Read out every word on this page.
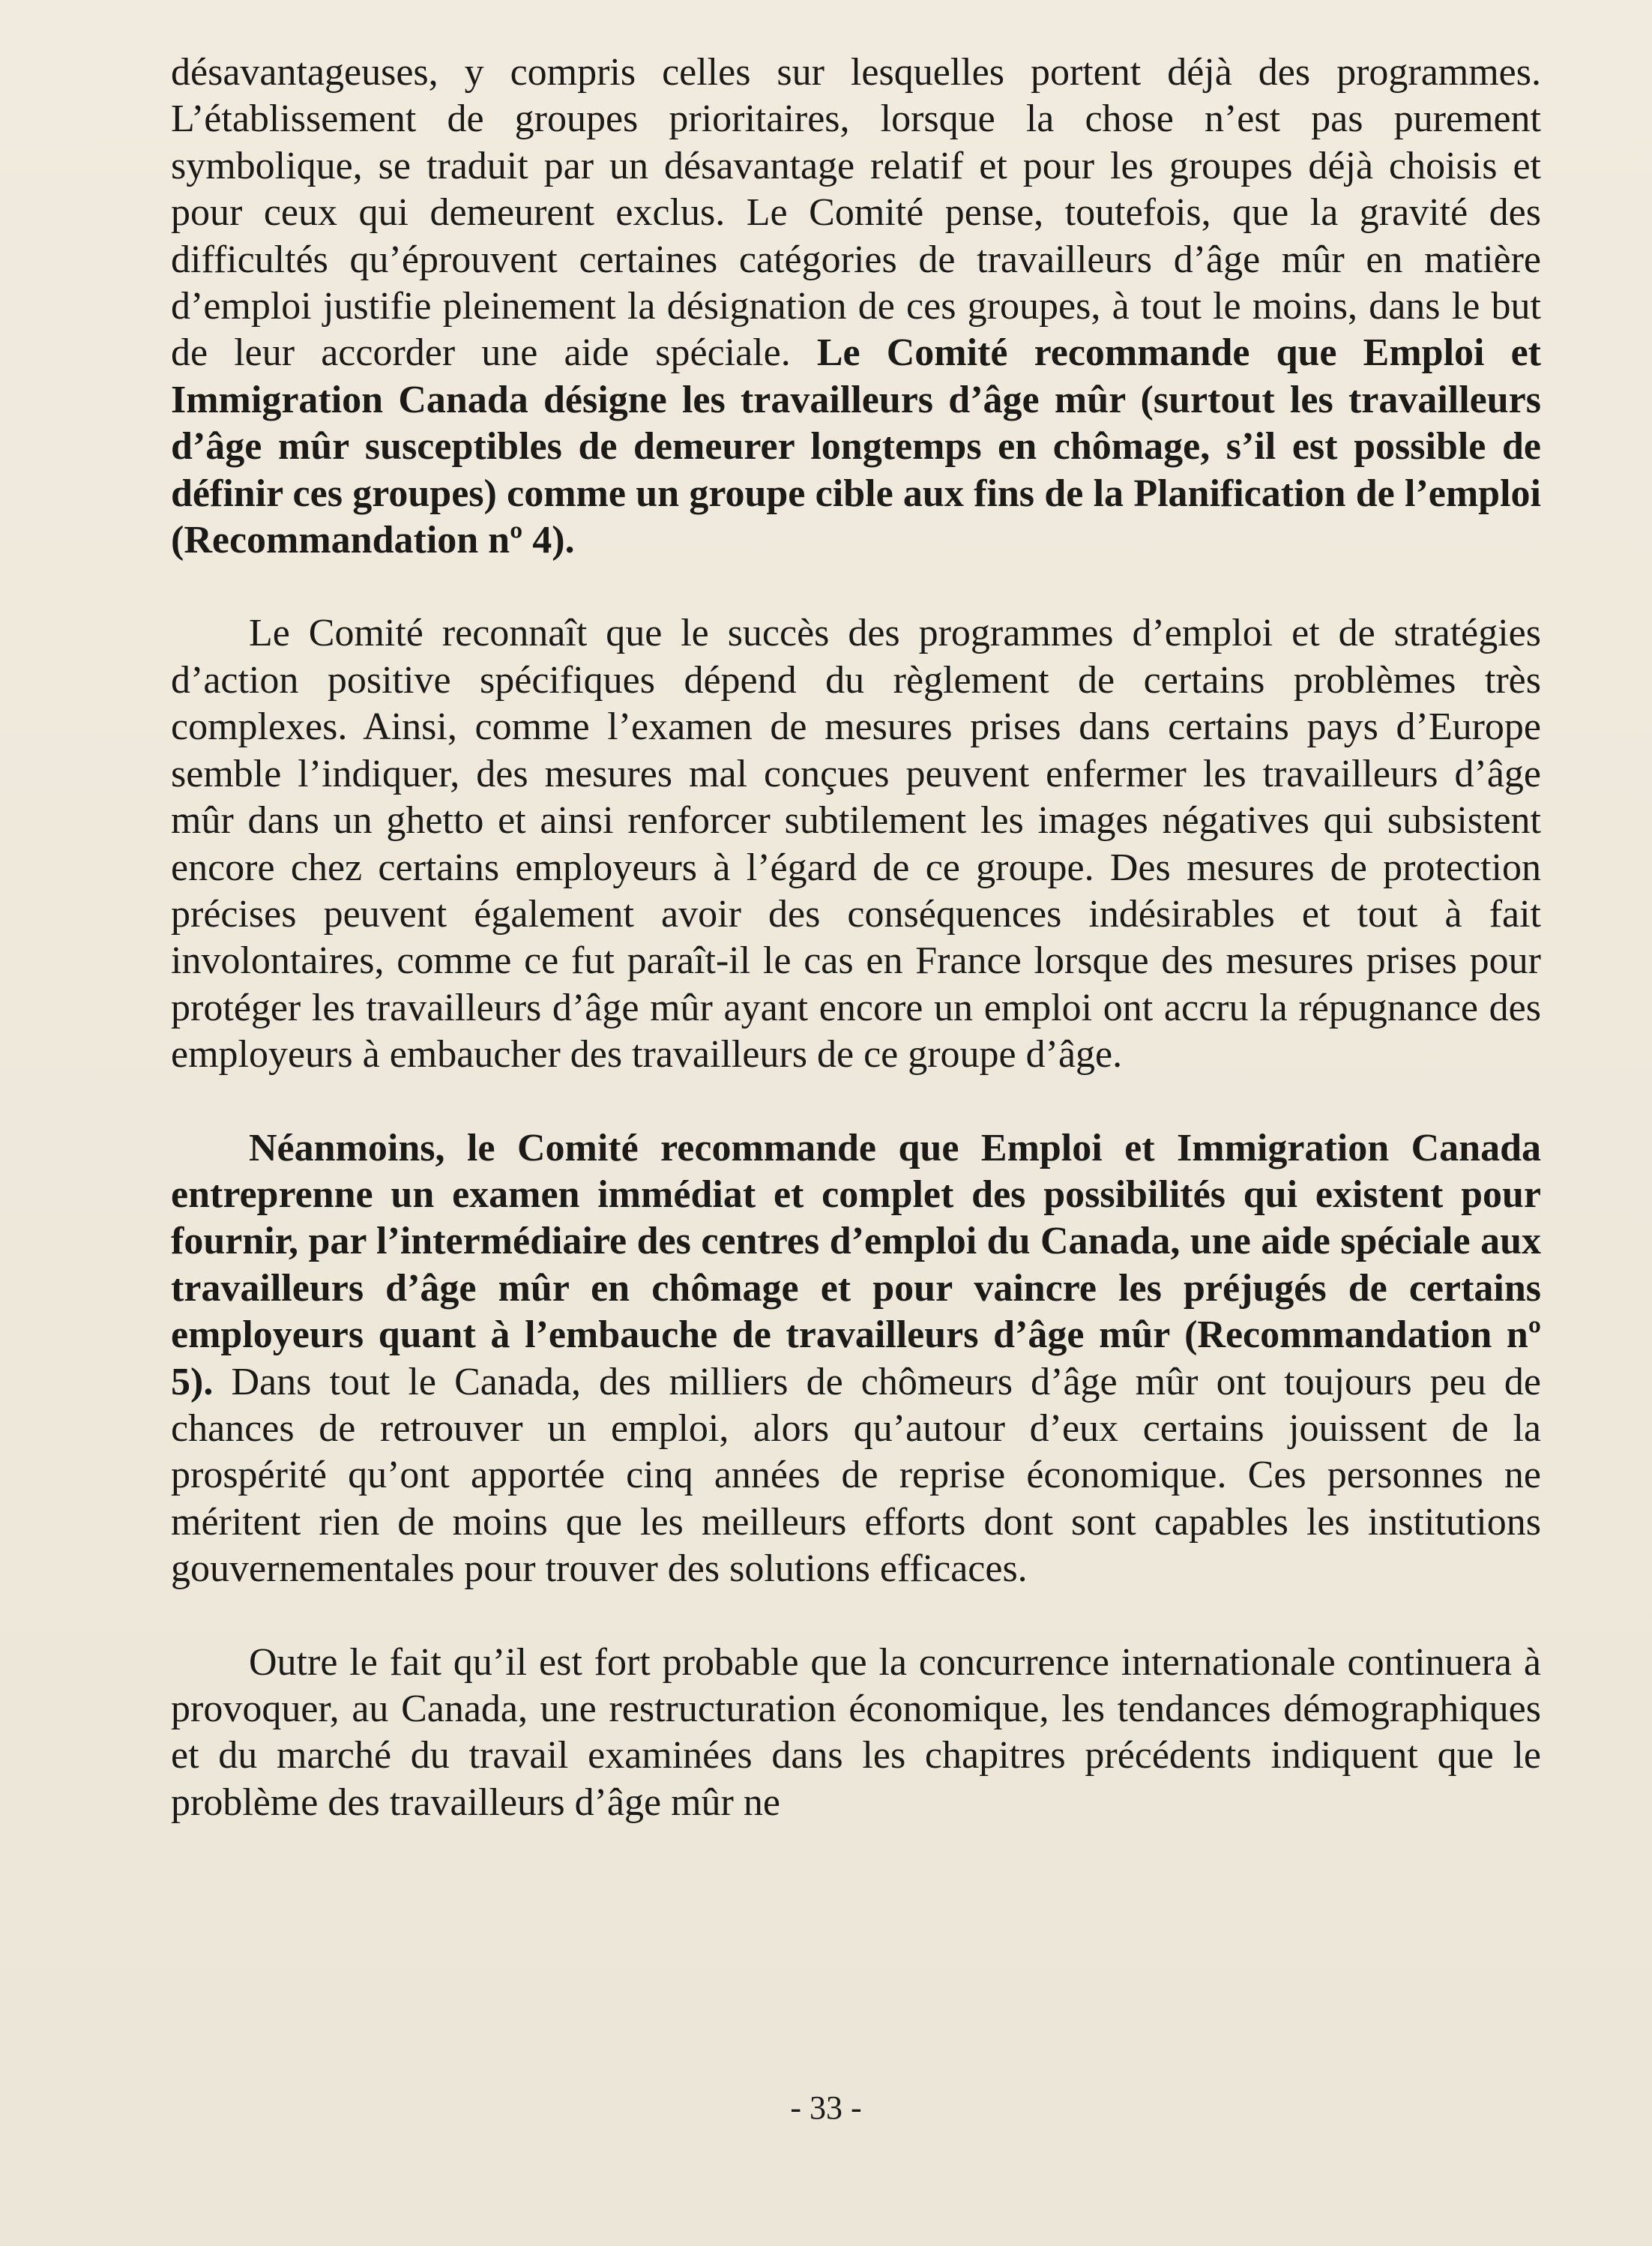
désavantageuses, y compris celles sur lesquelles portent déjà des programmes. L’établissement de groupes prioritaires, lorsque la chose n’est pas purement symbolique, se traduit par un désavantage relatif et pour les groupes déjà choisis et pour ceux qui demeurent exclus. Le Comité pense, toutefois, que la gravité des difficultés qu’éprouvent certaines catégories de travailleurs d’âge mûr en matière d’emploi justifie pleinement la désignation de ces groupes, à tout le moins, dans le but de leur accorder une aide spéciale. Le Comité recommande que Emploi et Immigration Canada désigne les travailleurs d’âge mûr (surtout les travailleurs d’âge mûr susceptibles de demeurer longtemps en chômage, s’il est possible de définir ces groupes) comme un groupe cible aux fins de la Planification de l’emploi (Recommandation nº 4).

Le Comité reconnaît que le succès des programmes d’emploi et de stratégies d’action positive spécifiques dépend du règlement de certains problèmes très complexes. Ainsi, comme l’examen de mesures prises dans certains pays d’Europe semble l’indiquer, des mesures mal conçues peuvent enfermer les travailleurs d’âge mûr dans un ghetto et ainsi renforcer subtilement les images négatives qui subsistent encore chez certains employeurs à l’égard de ce groupe. Des mesures de protection précises peuvent également avoir des conséquences indésirables et tout à fait involontaires, comme ce fut paraît-il le cas en France lorsque des mesures prises pour protéger les travailleurs d’âge mûr ayant encore un emploi ont accru la répugnance des employeurs à embaucher des travailleurs de ce groupe d’âge.

Néanmoins, le Comité recommande que Emploi et Immigration Canada entreprenne un examen immédiat et complet des possibilités qui existent pour fournir, par l’intermédiaire des centres d’emploi du Canada, une aide spéciale aux travailleurs d’âge mûr en chômage et pour vaincre les préjugés de certains employeurs quant à l’embauche de travailleurs d’âge mûr (Recommandation nº 5). Dans tout le Canada, des milliers de chômeurs d’âge mûr ont toujours peu de chances de retrouver un emploi, alors qu’autour d’eux certains jouissent de la prospérité qu’ont apportée cinq années de reprise économique. Ces personnes ne méritent rien de moins que les meilleurs efforts dont sont capables les institutions gouvernementales pour trouver des solutions efficaces.

Outre le fait qu’il est fort probable que la concurrence internationale continuera à provoquer, au Canada, une restructuration économique, les tendances démographiques et du marché du travail examinées dans les chapitres précédents indiquent que le problème des travailleurs d’âge mûr ne

- 33 -
